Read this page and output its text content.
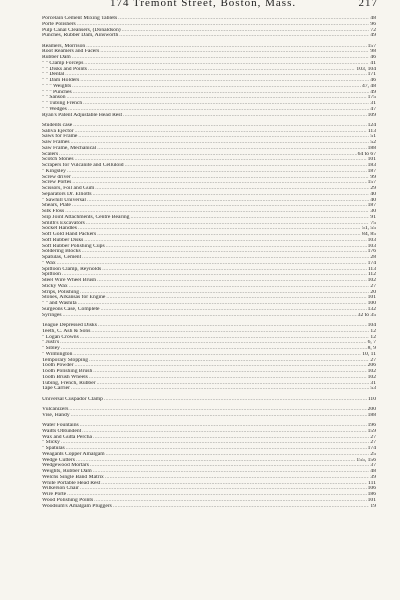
174 Tremont Street, Boston, Mass.	217
Porcelain Cement Mixing Tablets . . .	48
Porte Polishers . . .	96
Pulp Canal Cleansers, (Donaldson) . . .	72
Punches, Rubber Dam, Ainsworth . . .	49
Reamers, Morrison . . .	157
Root Reamers and Facers . . .	98
Rubber Dam . . .	46
" " Clamp Forceps . . .	41
" " Disks and Points . . .	103, 104
" " Dental . . .	171
" " Dam Holders . . .	46
" " " Weights . . .	47, 48
" " " Punches . . .	49
" " Sanson . . .	175
" " Tubing French . . .	31
" " Wedges . . .	47
Ryan's Patent Adjustable Head Rest . . .	109
Students case . . .	124
Saliva Ejector . . .	113
Saws for Frame . . .	51
Saw Frames . . .	52
Saw Frame, Mechanical . . .	188
Scalers . . .	64 to 67
Scotch Stones . . .	101
Scrapers for Vulcanite and Celluloid . . .	183
" Kingsley . . .	187
Screw driver . . .	99
Screw Portes . . .	157
Scissors, Foil and Gum . . .	29
Separators Dr. Elliotts . . .	40
" Sawhill Universal . . .	40
Shears, Plate . . .	187
Silk Floss . . .	30
Slip Joint Attachments, Centre Bearing . . .	91
Smith's Excavators . . .	75
Socket Handles . . .	51, 55
Soft Gold Hand Packers . . .	84, 85
Soft Rubber Disks . . .	103
Soft Rubber Polishing Cups . . .	103
Soldering Blocks . . .	176
Spatulas, Cement . . .	28
" Wax . . .	174
Spittoon Clamp, Reynolds . . .	113
Spittoon . . .	112
Steel Wire Wheel Brush . . .	102
Sticky Wax . . .	27
Strips, Polishing . . .	20
Stones, Arkansas for Engine . . .	101
" " and Washita . . .	100
Surgeons Case, Complete . . .	132
Syringes . . .	32 to 35
Teague Depressed Disks . . .	104
Teeth, C. Ash & Sons . . .	12
" Logan Crowns . . .	12
" Justi's . . .	6, 7
" Sibley . . .	8, 9
" Wilmington . . .	10, 11
Temporary Stopping . . .	27
Tooth Powder . . .	206
Tooth Polishing Brush . . .	102
Tooth Brush Wheels . . .	102
Tubing, French, Rubber . . .	31
Tape Carrier . . .	53
Universal Cuspador Clamp . . .	110
Vulcanizers . . .	200
Vise, Handy . . .	188
Water Fountains . . .	196
Waitts Obtundent . . .	159
Wax and Gutta Percha . . .	27
" Sticky . . .	27
" Spatulas . . .	174
Weagants Copper Amalgam . . .	25
Wedge Cutters . . .	155, 156
Wedgewood Mortars . . .	37
Weights, Rubber Dam . . .	48
Welchs Single Band Matrix . . .	39
White Portable Head Rest . . .	111
Wilkerson Chair . . .	106
Wire Porte . . .	186
Wood Polishing Points . . .	101
Woodsum's Amalgam Pluggers . . .	19
